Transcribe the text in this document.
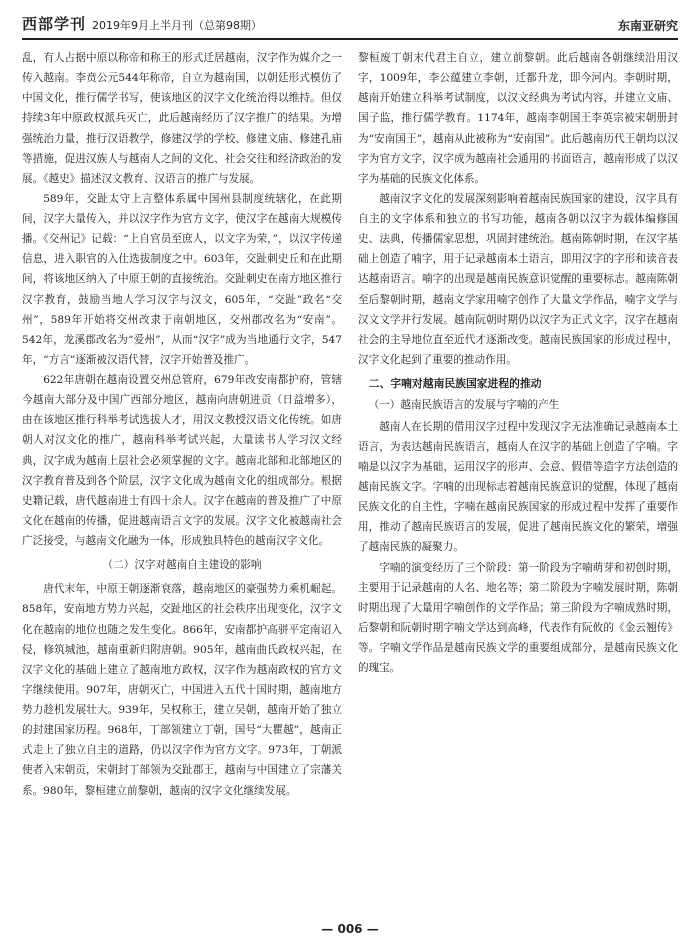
西部学刊 2019年9月上半月刊（总第98期）	东南亚研究

乱，有人占据中原以称帝和称王的形式迁居越南，汉字作为媒介之一传入越南。李贲公元544年称帝，自立为越南国，以朝廷形式模仿了中国文化，推行儒学书写，使该地区的汉字文化统治得以维持。但仅持续3年中原政权派兵灭亡，此后越南经历了汉字推广的结果。为增强统治力量，推行汉语教学，修建汉学的学校、修建文庙、修建孔庙等措施，促进汉族人与越南人之间的文化、社会交往和经济政治的发展。《越史》描述汉文教育、汉语言的推广与发展。

589年，交趾太守上言整体系属中国州县制度统辖化，在此期间，汉字大量传入，并以汉字作为官方文字，使汉字在越南大规模传播。《交州记》记载：“上自官员至庶人，以文字为荣，”，以汉字传递信息，进入职官的入仕选拔制度之中。603年，交趾刺史丘和在此期间，将该地区纳入了中原王朝的直接统治。交趾刺史在南方地区推行汉字教育，鼓励当地人学习汉字与汉文，605年，“交趾”政名“交州”，589年开始将交州改隶于南朝地区，交州郡改名为“安南”。542年，龙溪郡改名为“爱州”，从而“汉字”成为当地通行文字，547年，“方言”逐渐被汉语代替，汉字开始普及推广。

622年唐朝在越南设置交州总管府，679年改安南都护府，管辖今越南大部分及中国广西部分地区，越南向唐朝进贡（日益增多），由在该地区推行科举考试选拔人才，用汉文教授汉语文化传统。如唐朝人对汉文化的推广，越南科举考试兴起，大量读书人学习汉文经典，汉字成为越南上层社会必须掌握的文字。越南北部和北部地区的汉字教育普及到各个阶层，汉字文化成为越南文化的组成部分。根据史籍记载，唐代越南进士有四十余人。汉字在越南的普及推广了中原文化在越南的传播，促进越南语言文字的发展。汉字文化被越南社会广泛接受，与越南文化融为一体，形成独具特色的越南汉字文化。

（二）汉字对越南自主建设的影响

唐代末年，中原王朝逐渐衰落，越南地区的豪强势力乘机崛起。858年，安南地方势力兴起，交趾地区的社会秩序出现变化，汉字文化在越南的地位也随之发生变化。866年，安南都护高骈平定南诏入侵，修筑城池，越南重新归附唐朝。905年，越南曲氏政权兴起，在汉字文化的基础上建立了越南地方政权，汉字作为越南政权的官方文字继续使用。907年，唐朝灭亡，中国进入五代十国时期，越南地方势力趁机发展壮大。939年，吴权称王，建立吴朝，越南开始了独立的封建国家历程。968年，丁部领建立丁朝，国号“大瞿越”，越南正式走上了独立自主的道路，仍以汉字作为官方文字。973年，丁朝派使者入宋朝贡，宋朝封丁部领为交趾郡王，越南与中国建立了宗藩关系。980年，黎桓建立前黎朝，越南的汉字文化继续发展。

黎桓废丁朝末代君主自立，建立前黎朝。此后越南各朝继续沿用汉字，1009年，李公蕴建立李朝，迁都升龙，即今河内。李朝时期，越南开始建立科举考试制度，以汉文经典为考试内容，并建立文庙、国子监，推行儒学教育。1174年，越南李朝国王李英宗被宋朝册封为“安南国王”，越南从此被称为“安南国”。此后越南历代王朝均以汉字为官方文字，汉字成为越南社会通用的书面语言，越南形成了以汉字为基础的民族文化体系。

越南汉字文化的发展深刻影响着越南民族国家的建设，汉字具有自主的文字体系和独立的书写功能，越南各朝以汉字为载体编修国史、法典，传播儒家思想，巩固封建统治。越南陈朝时期，在汉字基础上创造了喃字，用于记录越南本土语言，即用汉字的字形和读音表达越南语言。喃字的出现是越南民族意识觉醒的重要标志。越南陈朝至后黎朝时期，越南文学家用喃字创作了大量文学作品，喃字文学与汉文文学并行发展。越南阮朝时期仍以汉字为正式文字，汉字在越南社会的主导地位直至近代才逐渐改变。越南民族国家的形成过程中，汉字文化起到了重要的推动作用。

二、字喃对越南民族国家进程的推动
（一）越南民族语言的发展与字喃的产生

越南人在长期的借用汉字过程中发现汉字无法准确记录越南本土语言，为表达越南民族语言，越南人在汉字的基础上创造了字喃。字喃是以汉字为基础，运用汉字的形声、会意、假借等造字方法创造的越南民族文字。字喃的出现标志着越南民族意识的觉醒，体现了越南民族文化的自主性，字喃在越南民族国家的形成过程中发挥了重要作用，推动了越南民族语言的发展，促进了越南民族文化的繁荣，增强了越南民族的凝聚力。

字喃的演变经历了三个阶段：第一阶段为字喃萌芽和初创时期，主要用于记录越南的人名、地名等；第二阶段为字喃发展时期，陈朝时期出现了大量用字喃创作的文学作品；第三阶段为字喃成熟时期，后黎朝和阮朝时期字喃文学达到高峰，代表作有阮攸的《金云翘传》等。字喃文学作品是越南民族文学的重要组成部分，是越南民族文化的瑰宝。

— 006 —
